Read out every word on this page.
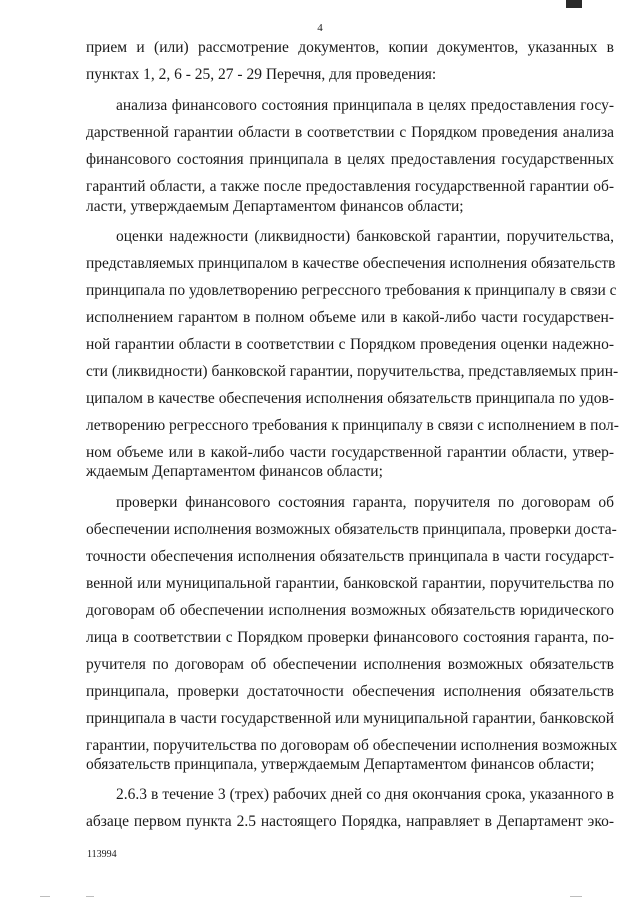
4
прием и (или) рассмотрение документов, копии документов, указанных в
пунктах 1, 2, 6 - 25, 27 - 29 Перечня, для проведения:
анализа финансового состояния принципала в целях предоставления госу-
дарственной гарантии области в соответствии с Порядком проведения анализа
финансового состояния принципала в целях предоставления государственных
гарантий области, а также после предоставления государственной гарантии об-
ласти, утверждаемым Департаментом финансов области;
оценки надежности (ликвидности) банковской гарантии, поручительства,
представляемых принципалом в качестве обеспечения исполнения обязательств
принципала по удовлетворению регрессного требования к принципалу в связи с
исполнением гарантом в полном объеме или в какой-либо части государствен-
ной гарантии области в соответствии с Порядком проведения оценки надежно-
сти (ликвидности) банковской гарантии, поручительства, представляемых прин-
ципалом в качестве обеспечения исполнения обязательств принципала по удов-
летворению регрессного требования к принципалу в связи с исполнением в пол-
ном объеме или в какой-либо части государственной гарантии области, утвер-
ждаемым Департаментом финансов области;
проверки финансового состояния гаранта, поручителя по договорам об
обеспечении исполнения возможных обязательств принципала, проверки доста-
точности обеспечения исполнения обязательств принципала в части государст-
венной или муниципальной гарантии, банковской гарантии, поручительства по
договорам об обеспечении исполнения возможных обязательств юридического
лица в соответствии с Порядком проверки финансового состояния гаранта, по-
ручителя по договорам об обеспечении исполнения возможных обязательств
принципала, проверки достаточности обеспечения исполнения обязательств
принципала в части государственной или муниципальной гарантии, банковской
гарантии, поручительства по договорам об обеспечении исполнения возможных
обязательств принципала, утверждаемым Департаментом финансов области;
2.6.3 в течение 3 (трех) рабочих дней со дня окончания срока, указанного в
абзаце первом пункта 2.5 настоящего Порядка, направляет в Департамент эко-
113994
